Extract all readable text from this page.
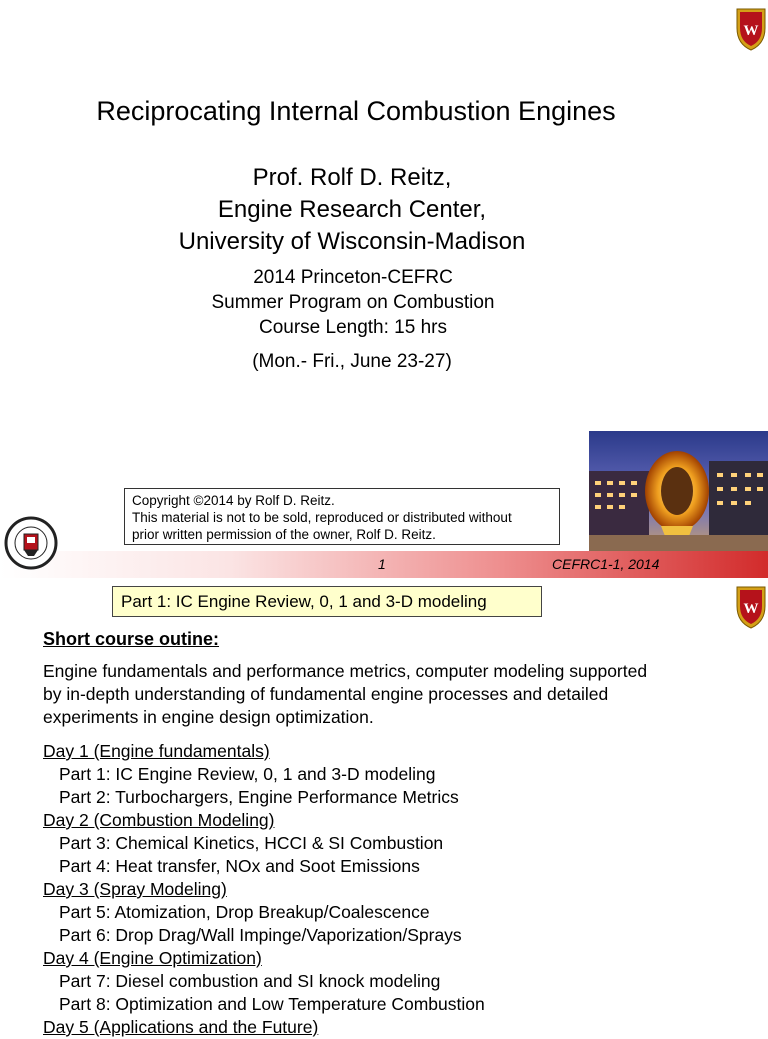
W
Reciprocating Internal Combustion Engines
Prof. Rolf D. Reitz,
Engine Research Center,
University of Wisconsin-Madison
2014 Princeton-CEFRC
Summer Program on Combustion
Course Length: 15 hrs
(Mon.- Fri., June 23-27)
Copyright ©2014 by Rolf D. Reitz.
This material is not to be sold, reproduced or distributed without
prior written permission of the owner, Rolf D. Reitz.
1	CEFRC1-1, 2014
Part 1: IC Engine Review, 0, 1 and 3-D modeling	W
Short course outine:
Engine fundamentals and performance metrics, computer modeling supported
by in-depth understanding of fundamental engine processes and detailed
experiments in engine design optimization.
Day 1 (Engine fundamentals)
Part 1: IC Engine Review, 0, 1 and 3-D modeling
Part 2: Turbochargers, Engine Performance Metrics
Day 2 (Combustion Modeling)
Part 3: Chemical Kinetics, HCCI & SI Combustion
Part 4: Heat transfer, NOx and Soot Emissions
Day 3 (Spray Modeling)
Part 5: Atomization, Drop Breakup/Coalescence
Part 6: Drop Drag/Wall Impinge/Vaporization/Sprays
Day 4 (Engine Optimization)
Part 7: Diesel combustion and SI knock modeling
Part 8: Optimization and Low Temperature Combustion
Day 5 (Applications and the Future)
